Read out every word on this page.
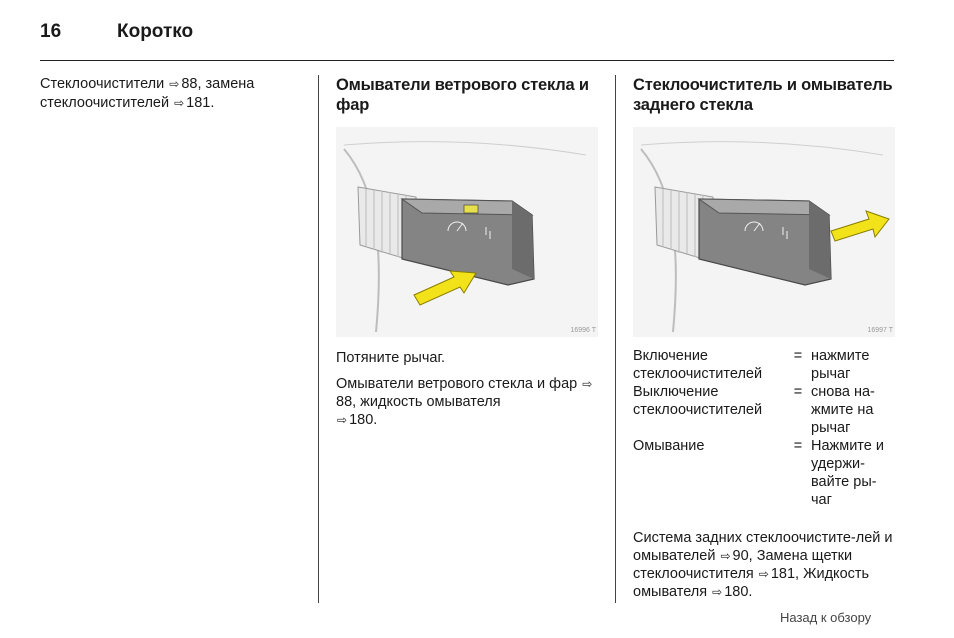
16	Коротко
Стеклоочистители ⇨ 88, замена
стеклоочистителей ⇨ 181.
Омыватели ветрового стекла и фар
16996 T

Потяните рычаг.

Омыватели ветрового стекла и фар ⇨88, жидкость омывателя
⇨ 180.

Стеклоочиститель и омыватель заднего стекла
16997 T
Включение стеклоочистителей	=	нажмите рычаг
Выключение стеклоочистителей	=	снова на-жмите на рычаг
Омывание	=	Нажмите и удержи-вайте ры-чаг

Система задних стеклоочистите-лей и омывателей ⇨ 90, Замена щетки стеклоочистителя ⇨ 181, Жидкость омывателя ⇨ 180.

Назад к обзору
